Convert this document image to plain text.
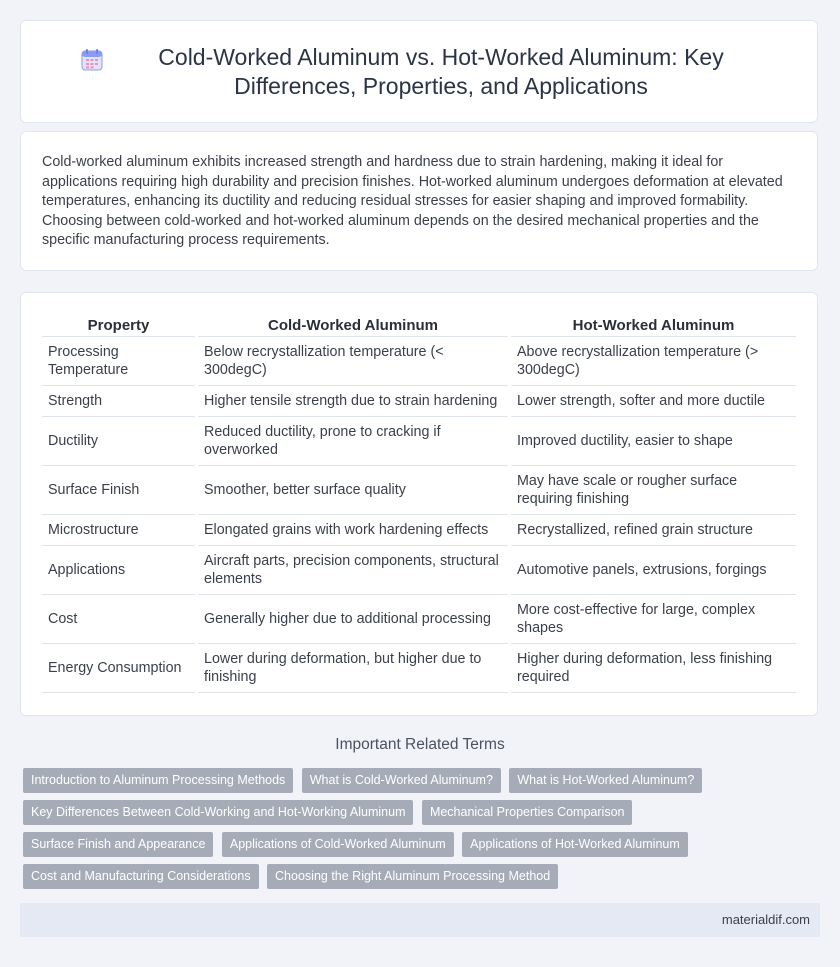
Cold-Worked Aluminum vs. Hot-Worked Aluminum: Key Differences, Properties, and Applications

Cold-worked aluminum exhibits increased strength and hardness due to strain hardening, making it ideal for applications requiring high durability and precision finishes. Hot-worked aluminum undergoes deformation at elevated temperatures, enhancing its ductility and reducing residual stresses for easier shaping and improved formability. Choosing between cold-worked and hot-worked aluminum depends on the desired mechanical properties and the specific manufacturing process requirements.

Property	Cold-Worked Aluminum	Hot-Worked Aluminum
Processing Temperature	Below recrystallization temperature (< 300degC)	Above recrystallization temperature (> 300degC)
Strength	Higher tensile strength due to strain hardening	Lower strength, softer and more ductile
Ductility	Reduced ductility, prone to cracking if overworked	Improved ductility, easier to shape
Surface Finish	Smoother, better surface quality	May have scale or rougher surface requiring finishing
Microstructure	Elongated grains with work hardening effects	Recrystallized, refined grain structure
Applications	Aircraft parts, precision components, structural elements	Automotive panels, extrusions, forgings
Cost	Generally higher due to additional processing	More cost-effective for large, complex shapes
Energy Consumption	Lower during deformation, but higher due to finishing	Higher during deformation, less finishing required
Important Related Terms
Introduction to Aluminum Processing Methods What is Cold-Worked Aluminum? What is Hot-Worked Aluminum? Key Differences Between Cold-Working and Hot-Working Aluminum Mechanical Properties Comparison Surface Finish and Appearance Applications of Cold-Worked Aluminum Applications of Hot-Worked Aluminum Cost and Manufacturing Considerations Choosing the Right Aluminum Processing Method
materialdif.com
